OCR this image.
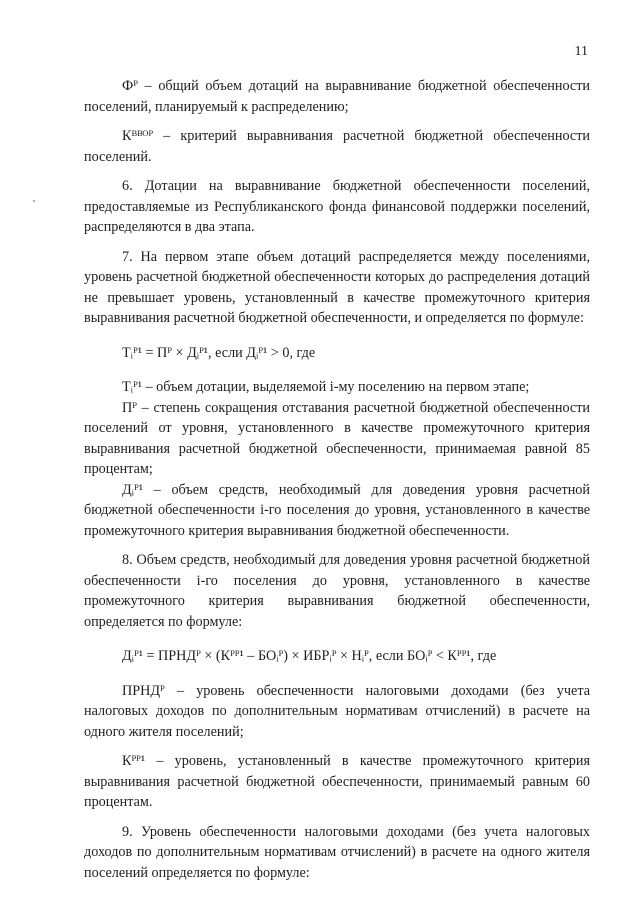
11

Фᴾ – общий объем дотаций на выравнивание бюджетной обеспеченности поселений, планируемый к распределению;

Кᴮᴮᴼᴾ – критерий выравнивания расчетной бюджетной обеспеченности поселений.

6. Дотации на выравнивание бюджетной обеспеченности поселений, предоставляемые из Республиканского фонда финансовой поддержки поселений, распределяются в два этапа.

7. На первом этапе объем дотаций распределяется между поселениями, уровень расчетной бюджетной обеспеченности которых до распределения дотаций не превышает уровень, установленный в качестве промежуточного критерия выравнивания расчетной бюджетной обеспеченности, и определяется по формуле:

Тᵢᴾ¹ = Пᴾ × Дᵢᴾ¹, если Дᵢᴾ¹ > 0, где

Тᵢᴾ¹ – объем дотации, выделяемой i-му поселению на первом этапе;

Пᴾ – степень сокращения отставания расчетной бюджетной обеспеченности поселений от уровня, установленного в качестве промежуточного критерия выравнивания расчетной бюджетной обеспеченности, принимаемая равной 85 процентам;

Дᵢᴾ¹ – объем средств, необходимый для доведения уровня расчетной бюджетной обеспеченности i-го поселения до уровня, установленного в качестве промежуточного критерия выравнивания бюджетной обеспеченности.

8. Объем средств, необходимый для доведения уровня расчетной бюджетной обеспеченности i-го поселения до уровня, установленного в качестве промежуточного критерия выравнивания бюджетной обеспеченности, определяется по формуле:

Дᵢᴾ¹ = ПРНДᴾ × (Кᴾᴾ¹ – БОᵢᴾ) × ИБРᵢᴾ × Нᵢᴾ, если БОᵢᴾ < Кᴾᴾ¹, где

ПРНДᴾ – уровень обеспеченности налоговыми доходами (без учета налоговых доходов по дополнительным нормативам отчислений) в расчете на одного жителя поселений;

Кᴾᴾ¹ – уровень, установленный в качестве промежуточного критерия выравнивания расчетной бюджетной обеспеченности, принимаемый равным 60 процентам.

9. Уровень обеспеченности налоговыми доходами (без учета налоговых доходов по дополнительным нормативам отчислений) в расчете на одного жителя поселений определяется по формуле:
